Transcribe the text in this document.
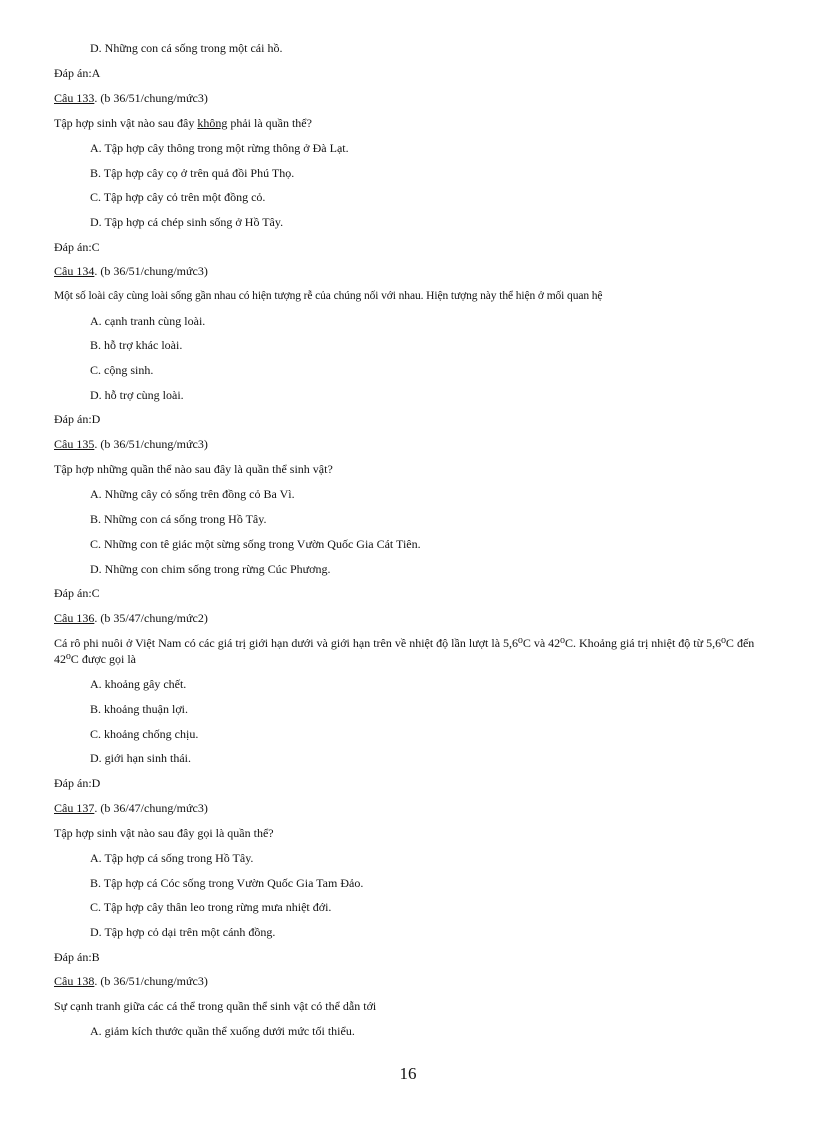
D. Những con cá sống trong một cái hồ.
Đáp án:A
Câu 133. (b 36/51/chung/mức3)
Tập hợp sinh vật nào sau đây không phải là quần thể?
A. Tập hợp cây thông trong một rừng thông ở Đà Lạt.
B. Tập hợp cây cọ ở trên quả đồi Phú Thọ.
C. Tập hợp cây cỏ trên một đồng cỏ.
D. Tập hợp cá chép sinh sống ở Hồ Tây.
Đáp án:C
Câu 134. (b 36/51/chung/mức3)
Một số loài cây cùng loài sống gần nhau có hiện tượng rễ của chúng nối với nhau. Hiện tượng này thể hiện ở mối quan hệ
A. cạnh tranh cùng loài.
B. hỗ trợ khác loài.
C. cộng sinh.
D. hỗ trợ cùng loài.
Đáp án:D
Câu 135. (b 36/51/chung/mức3)
Tập hợp những quần thể nào sau đây là quần thể sinh vật?
A. Những cây cỏ sống trên đồng cỏ Ba Vì.
B. Những con cá sống trong Hồ Tây.
C. Những con tê giác một sừng sống trong Vườn Quốc Gia Cát Tiên.
D. Những con chim sống trong rừng Cúc Phương.
Đáp án:C
Câu 136. (b 35/47/chung/mức2)
Cá rô phi nuôi ở Việt Nam có các giá trị giới hạn dưới và giới hạn trên về nhiệt độ lần lượt là 5,6⁰C và 42⁰C. Khoảng giá trị nhiệt độ từ 5,6⁰C đến 42⁰C được gọi là
A. khoảng gây chết.
B. khoảng thuận lợi.
C. khoảng chống chịu.
D. giới hạn sinh thái.
Đáp án:D
Câu 137. (b 36/47/chung/mức3)
Tập hợp sinh vật nào sau đây gọi là quần thể?
A. Tập hợp cá sống trong Hồ Tây.
B. Tập hợp cá Cóc sống trong Vườn Quốc Gia Tam Đảo.
C. Tập hợp cây thân leo trong rừng mưa nhiệt đới.
D. Tập hợp cỏ dại trên một cánh đồng.
Đáp án:B
Câu 138. (b 36/51/chung/mức3)
Sự cạnh tranh giữa các cá thể trong quần thể sinh vật có thể dẫn tới
A. giảm kích thước quần thể xuống dưới mức tối thiểu.
16
